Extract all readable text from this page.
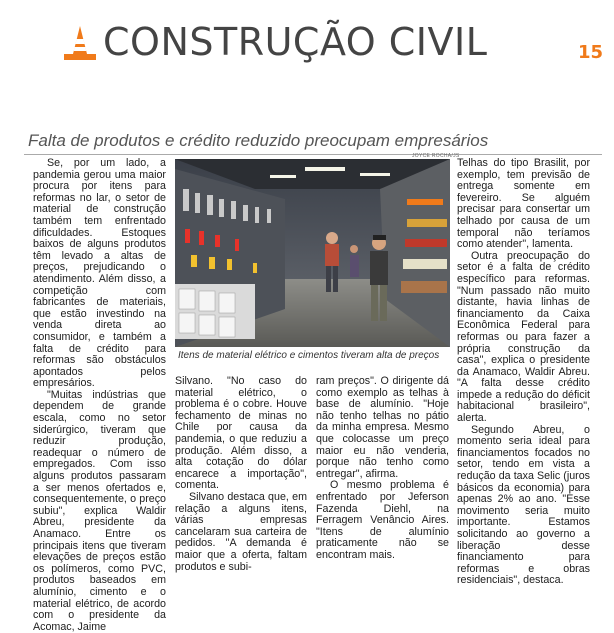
CONSTRUÇÃO CIVIL	15
Falta de produtos e crédito reduzido preocupam empresários

Se, por um lado, a pandemia gerou uma maior procura por itens para reformas no lar, o setor de material de construção também tem enfrentado dificuldades. Estoques baixos de alguns produtos têm levado a altas de preços, prejudicando o atendimento. Além disso, a competição com fabricantes de materiais, que estão investindo na venda direta ao consumidor, e também a falta de crédito para reformas são obstáculos apontados pelos empresários.

"Muitas indústrias que dependem de grande escala, como no setor siderúrgico, tiveram que reduzir produção, readequar o número de empregados. Com isso alguns produtos passaram a ser menos ofertados e, consequentemente, o preço subiu", explica Waldir Abreu, presidente da Anamaco. Entre os principais itens que tiveram elevações de preços estão os polímeros, como PVC, produtos baseados em alumínio, cimento e o material elétrico, de acordo com o presidente da Acomac, Jaime

JOYCE ROCHA/JS
Itens de material elétrico e cimentos tiveram alta de preços

Silvano. "No caso do material elétrico, o problema é o cobre. Houve fechamento de minas no Chile por causa da pandemia, o que reduziu a produção. Além disso, a alta cotação do dólar encarece a importação", comenta.

Silvano destaca que, em relação a alguns itens, várias empresas cancelaram sua carteira de pedidos. "A demanda é maior que a oferta, faltam produtos e subi-

ram preços". O dirigente dá como exemplo as telhas à base de alumínio. "Hoje não tenho telhas no pátio da minha empresa. Mesmo que colocasse um preço maior eu não venderia, porque não tenho como entregar", afirma.

O mesmo problema é enfrentado por Jeferson Fazenda Diehl, na Ferragem Venâncio Aires. "Itens de alumínio praticamente não se encontram mais.

Telhas do tipo Brasilit, por exemplo, tem previsão de entrega somente em fevereiro. Se alguém precisar para consertar um telhado por causa de um temporal não teríamos como atender", lamenta.

Outra preocupação do setor é a falta de crédito específico para reformas. "Num passado não muito distante, havia linhas de financiamento da Caixa Econômica Federal para reformas ou para fazer a própria construção da casa", explica o presidente da Anamaco, Waldir Abreu. "A falta desse crédito impede a redução do déficit habitacional brasileiro", alerta.

Segundo Abreu, o momento seria ideal para financiamentos focados no setor, tendo em vista a redução da taxa Selic (juros básicos da economia) para apenas 2% ao ano. "Esse movimento seria muito importante. Estamos solicitando ao governo a liberação desse financiamento para reformas e obras residenciais", destaca.
